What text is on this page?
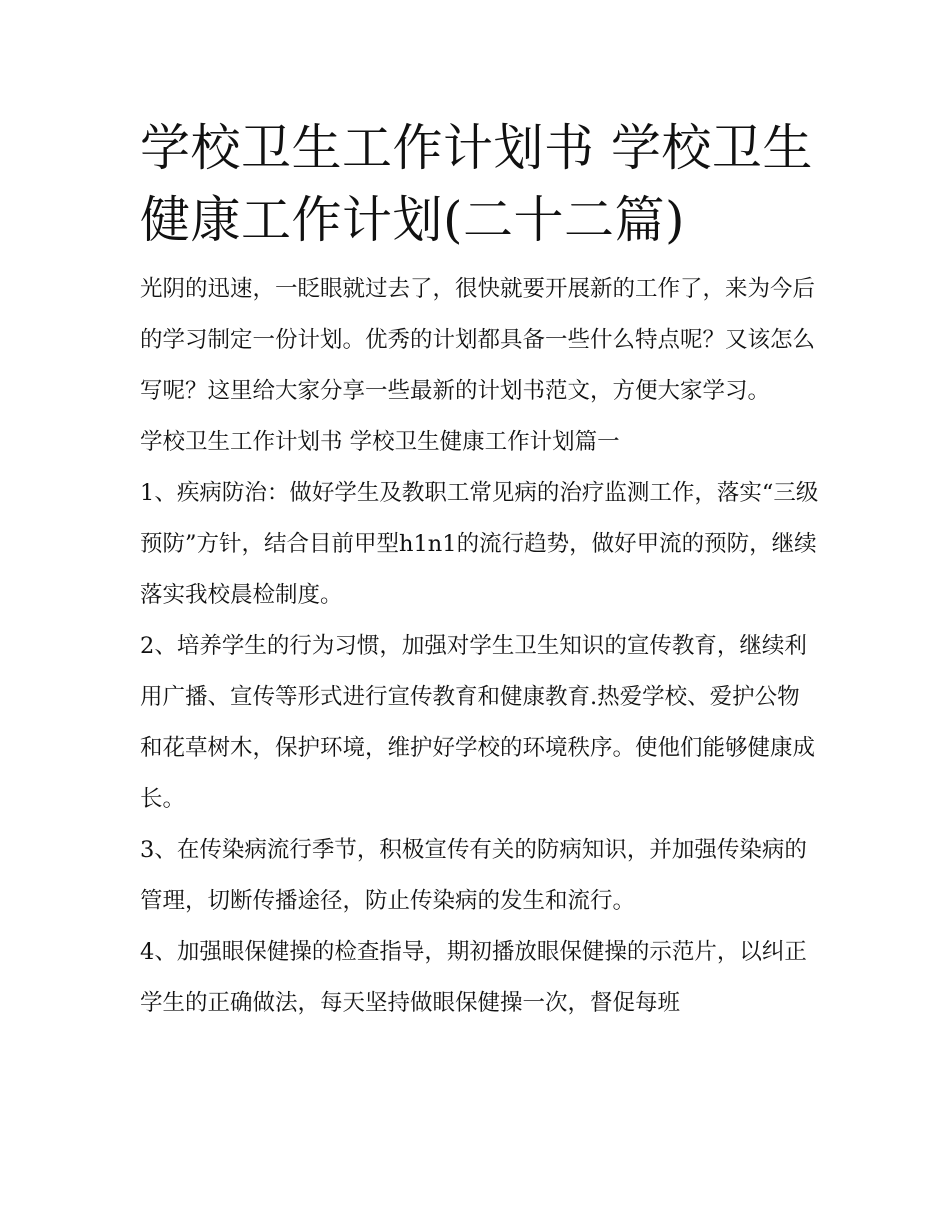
学校卫生工作计划书 学校卫生健康工作计划(二十二篇)

光阴的迅速，一眨眼就过去了，很快就要开展新的工作了，来为今后的学习制定一份计划。优秀的计划都具备一些什么特点呢？又该怎么写呢？这里给大家分享一些最新的计划书范文，方便大家学习。

学校卫生工作计划书 学校卫生健康工作计划篇一

1、疾病防治：做好学生及教职工常见病的治疗监测工作，落实“三级预防”方针，结合目前甲型h1n1的流行趋势，做好甲流的预防，继续落实我校晨检制度。

2、培养学生的行为习惯，加强对学生卫生知识的宣传教育，继续利用广播、宣传等形式进行宣传教育和健康教育.热爱学校、爱护公物和花草树木，保护环境，维护好学校的环境秩序。使他们能够健康成长。

3、在传染病流行季节，积极宣传有关的防病知识，并加强传染病的管理，切断传播途径，防止传染病的发生和流行。

4、加强眼保健操的检查指导，期初播放眼保健操的示范片，以纠正学生的正确做法，每天坚持做眼保健操一次，督促每班
